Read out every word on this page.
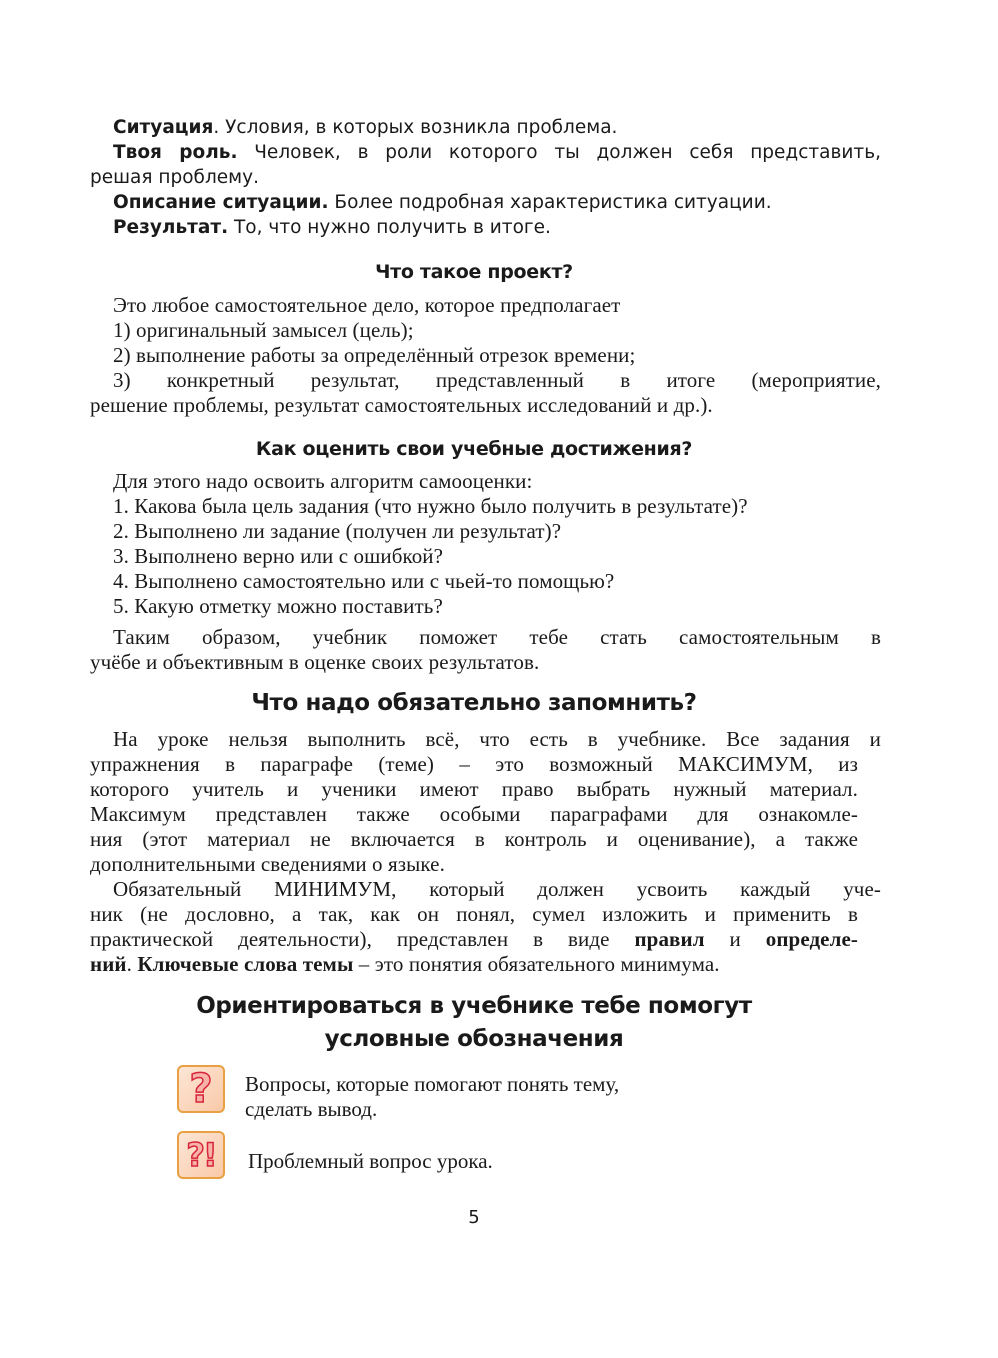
Ситуация. Условия, в которых возникла проблема.
Твоя роль. Человек, в роли которого ты должен себя представить,
решая проблему.
Описание ситуации. Более подробная характеристика ситуации.
Результат. То, что нужно получить в итоге.
Что такое проект?
Это любое самостоятельное дело, которое предполагает
1) оригинальный замысел (цель);
2) выполнение работы за определённый отрезок времени;
3) конкретный результат, представленный в итоге (мероприятие,
решение проблемы, результат самостоятельных исследований и др.).
Как оценить свои учебные достижения?
Для этого надо освоить алгоритм самооценки:
1. Какова была цель задания (что нужно было получить в результате)?
2. Выполнено ли задание (получен ли результат)?
3. Выполнено верно или с ошибкой?
4. Выполнено самостоятельно или с чьей-то помощью?
5. Какую отметку можно поставить?
Таким образом, учебник поможет тебе стать самостоятельным в
учёбе и объективным в оценке своих результатов.
Что надо обязательно запомнить?
На уроке нельзя выполнить всё, что есть в учебнике. Все задания и
упражнения в параграфе (теме) – это возможный МАКСИМУМ, из
которого учитель и ученики имеют право выбрать нужный материал.
Максимум представлен также особыми параграфами для ознакомле-
ния (этот материал не включается в контроль и оценивание), а также
дополнительными сведениями о языке.
Обязательный МИНИМУМ, который должен усвоить каждый уче-
ник (не дословно, а так, как он понял, сумел изложить и применить в
практической деятельности), представлен в виде правил и определе-
ний. Ключевые слова темы – это понятия обязательного минимума.
Ориентироваться в учебнике тебе помогут
условные обозначения
? Вопросы, которые помогают понять тему,
сделать вывод.
?! Проблемный вопрос урока.
5
